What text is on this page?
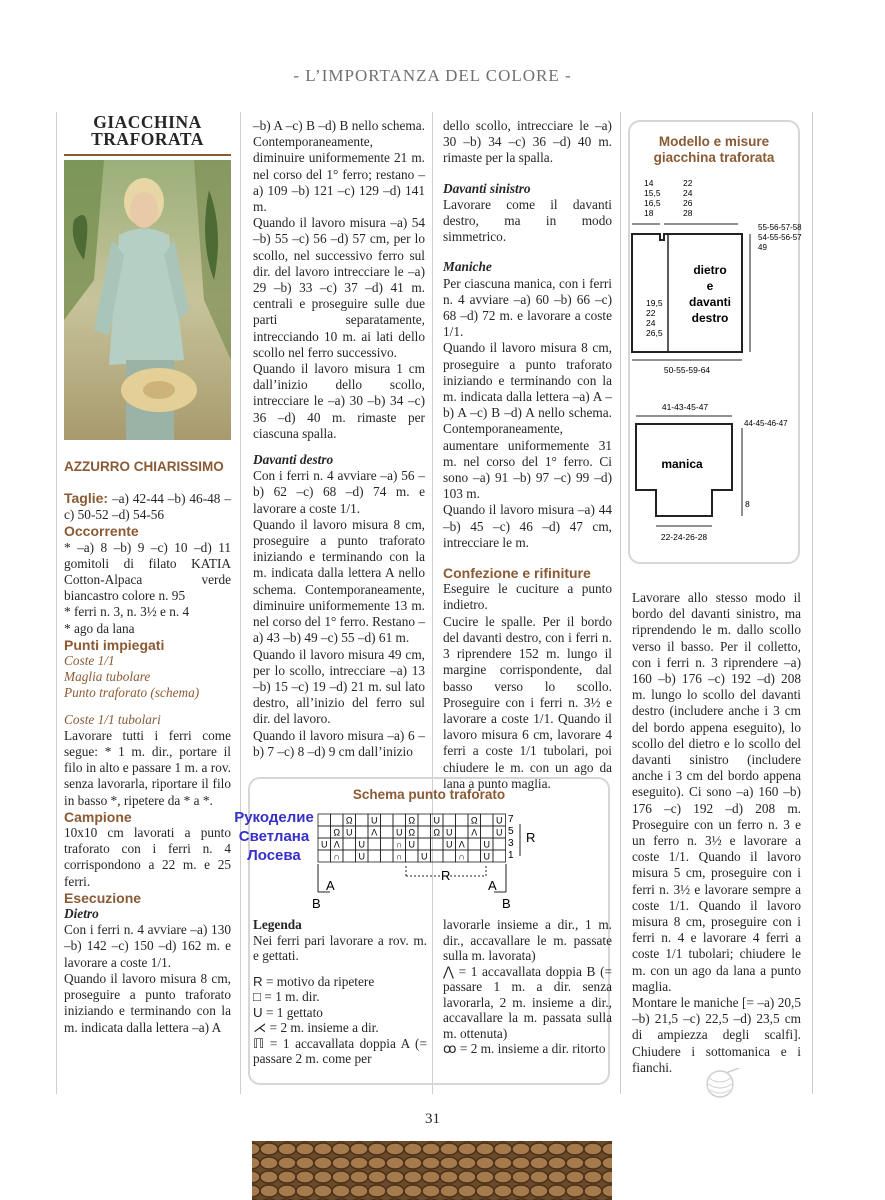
- L’IMPORTANZA DEL COLORE -
GIACCHINA
TRAFORATA
AZZURRO CHIARISSIMO

Taglie: –a) 42-44 –b) 46-48 –c) 50-52 –d) 54-56

Occorrente

* –a) 8 –b) 9 –c) 10 –d) 11 gomitoli di filato KATIA Cotton-Alpaca verde biancastro colore n. 95

* ferri n. 3, n. 3½ e n. 4

* ago da lana

Punti impiegati

Coste 1/1

Maglia tubolare

Punto traforato (schema)

Coste 1/1 tubolari

Lavorare tutti i ferri come segue: * 1 m. dir., portare il filo in alto e passare 1 m. a rov. senza lavorarla, riportare il filo in basso *, ripetere da * a *.

Campione

10x10 cm lavorati a punto traforato con i ferri n. 4 corrispondono a 22 m. e 25 ferri.

Esecuzione

Dietro

Con i ferri n. 4 avviare –a) 130 –b) 142 –c) 150 –d) 162 m. e lavorare a coste 1/1.

Quando il lavoro misura 8 cm, proseguire a punto traforato iniziando e terminando con la m. indicata dalla lettera –a) A

–b) A –c) B –d) B nello schema. Contemporaneamente, diminuire uniformemente 21 m. nel corso del 1° ferro; restano –a) 109 –b) 121 –c) 129 –d) 141 m.

Quando il lavoro misura –a) 54 –b) 55 –c) 56 –d) 57 cm, per lo scollo, nel successivo ferro sul dir. del lavoro intrecciare le –a) 29 –b) 33 –c) 37 –d) 41 m. centrali e proseguire sulle due parti separatamente, intrecciando 10 m. ai lati dello scollo nel ferro successivo.

Quando il lavoro misura 1 cm dall’inizio dello scollo, intrecciare le –a) 30 –b) 34 –c) 36 –d) 40 m. rimaste per ciascuna spalla.

Davanti destro

Con i ferri n. 4 avviare –a) 56 –b) 62 –c) 68 –d) 74 m. e lavorare a coste 1/1.

Quando il lavoro misura 8 cm, proseguire a punto traforato iniziando e terminando con la m. indicata dalla lettera A nello schema. Contemporaneamente, diminuire uniformemente 13 m. nel corso del 1° ferro. Restano –a) 43 –b) 49 –c) 55 –d) 61 m.

Quando il lavoro misura 49 cm, per lo scollo, intrecciare –a) 13 –b) 15 –c) 19 –d) 21 m. sul lato destro, all’inizio del ferro sul dir. del lavoro.

Quando il lavoro misura –a) 6 –b) 7 –c) 8 –d) 9 cm dall’inizio

dello scollo, intrecciare le –a) 30 –b) 34 –c) 36 –d) 40 m. rimaste per la spalla.

Davanti sinistro

Lavorare come il davanti destro, ma in modo simmetrico.

Maniche

Per ciascuna manica, con i ferri n. 4 avviare –a) 60 –b) 66 –c) 68 –d) 72 m. e lavorare a coste 1/1.

Quando il lavoro misura 8 cm, proseguire a punto traforato iniziando e terminando con la m. indicata dalla lettera –a) A –b) A –c) B –d) A nello schema. Contemporaneamente, aumentare uniformemente 31 m. nel corso del 1° ferro. Ci sono –a) 91 –b) 97 –c) 99 –d) 103 m.

Quando il lavoro misura –a) 44 –b) 45 –c) 46 –d) 47 cm, intrecciare le m.

Confezione e rifiniture

Eseguire le cuciture a punto indietro.

Cucire le spalle. Per il bordo del davanti destro, con i ferri n. 3 riprendere 152 m. lungo il margine corrispondente, dal basso verso lo scollo. Proseguire con i ferri n. 3½ e lavorare a coste 1/1. Quando il lavoro misura 6 cm, lavorare 4 ferri a coste 1/1 tubolari, poi chiudere le m. con un ago da lana a punto maglia.

Modello e misure
giacchina traforata
14
15,5
16,5
18
22
24
26
28
55-56-57-58
54-55-56-57
49
19,5
22
24
26,5
dietro
e
davanti
destro
50-55-59-64
41-43-45-47
44-45-46-47
manica
8
22-24-26-28

Lavorare allo stesso modo il bordo del davanti sinistro, ma riprendendo le m. dallo scollo verso il basso. Per il colletto, con i ferri n. 3 riprendere –a) 160 –b) 176 –c) 192 –d) 208 m. lungo lo scollo del davanti destro (includere anche i 3 cm del bordo appena eseguito), lo scollo del dietro e lo scollo del davanti sinistro (includere anche i 3 cm del bordo appena eseguito). Ci sono –a) 160 –b) 176 –c) 192 –d) 208 m. Proseguire con un ferro n. 3 e un ferro n. 3½ e lavorare a coste 1/1. Quando il lavoro misura 5 cm, proseguire con i ferri n. 3½ e lavorare sempre a coste 1/1. Quando il lavoro misura 8 cm, proseguire con i ferri n. 4 e lavorare 4 ferri a coste 1/1 tubolari; chiudere le m. con un ago da lana a punto maglia.

Montare le maniche [= –a) 20,5 –b) 21,5 –c) 22,5 –d) 23,5 cm di ampiezza degli scalfi]. Chiudere i sottomanica e i fianchi.

Schema punto traforato
Рукоделие
Светлана
Лосева
Ω U	Ω U	Ω U
Ω U Ʌ U Ω Ω U Ʌ U
U Λ U	∩ U	U Λ U
∩ U	∩ U	∩ U
7
5
3
1
R
R
A	A
B	B

Legenda

Nei ferri pari lavorare a rov. m. e gettati.

R = motivo da ripetere

□ = 1 m. dir.

U = 1 gettato

⋌ = 2 m. insieme a dir.

ℿ = 1 accavallata doppia A (= passare 2 m. come per

lavorarle insieme a dir., 1 m. dir., accavallare le m. passate sulla m. lavorata)

⋀ = 1 accavallata doppia B (= passare 1 m. a dir. senza lavorarla, 2 m. insieme a dir., accavallare la m. passata sulla m. ottenuta)

ꝏ = 2 m. insieme a dir. ritorto

31
